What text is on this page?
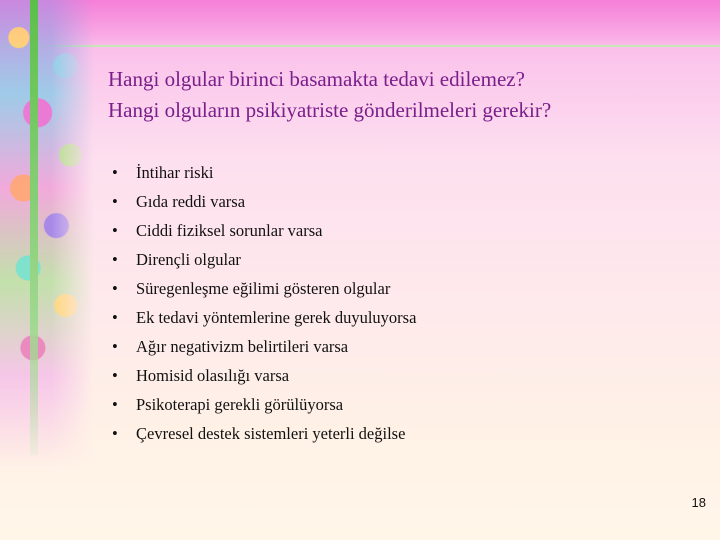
Hangi olgular birinci basamakta tedavi edilemez?
Hangi olguların psikiyatriste gönderilmeleri gerekir?
•	İntihar riski
•	Gıda reddi varsa
•	Ciddi fiziksel sorunlar varsa
•	Dirençli olgular
•	Süregenleşme eğilimi gösteren olgular
•	Ek tedavi yöntemlerine gerek duyuluyorsa
•	Ağır negativizm belirtileri varsa
•	Homisid olasılığı varsa
•	Psikoterapi gerekli görülüyorsa
•	Çevresel destek sistemleri yeterli değilse
18
